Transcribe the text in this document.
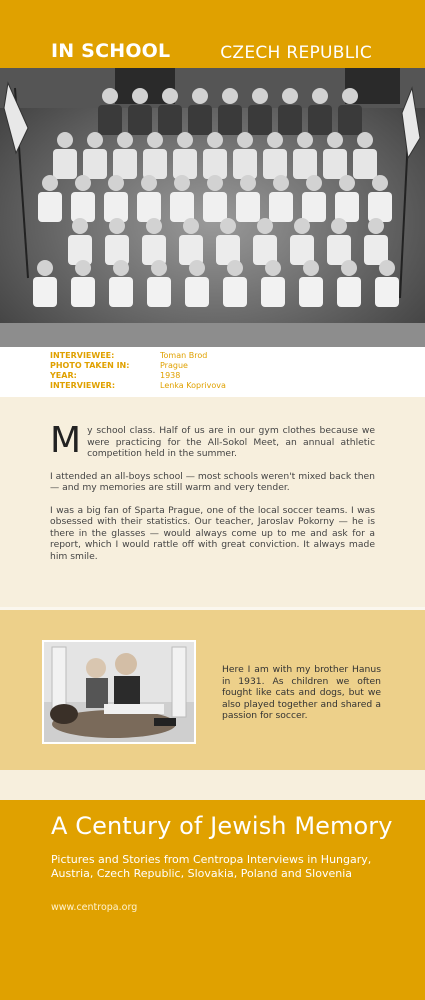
IN SCHOOL	CZECH REPUBLIC
INTERVIEWEE:	Toman Brod
PHOTO TAKEN IN:	Prague
YEAR:	1938
INTERVIEWER:	Lenka Koprivova

My school class. Half of us are in our gym clothes because we were practicing for the All-Sokol Meet, an annual athletic competition held in the summer.

I attended an all-boys school — most schools weren't mixed back then — and my memories are still warm and very tender.

I was a big fan of Sparta Prague, one of the local soccer teams. I was obsessed with their statistics. Our teacher, Jaroslav Pokorny — he is there in the glasses — would always come up to me and ask for a report, which I would rattle off with great conviction. It always made him smile.

Here I am with my brother Hanus in 1931. As children we often fought like cats and dogs, but we also played together and shared a passion for soccer.
A Century of Jewish Memory
Pictures and Stories from Centropa Interviews in Hungary, Austria, Czech Republic, Slovakia, Poland and Slovenia
www.centropa.org
